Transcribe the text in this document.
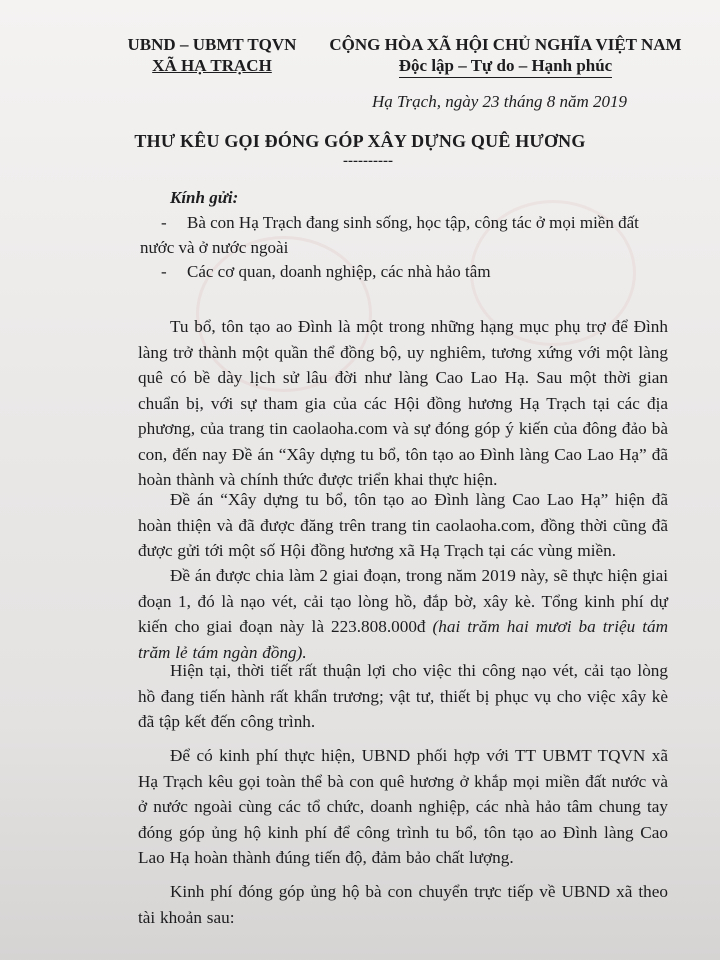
UBND – UBMT TQVN
XÃ HẠ TRẠCH
CỘNG HÒA XÃ HỘI CHỦ NGHĨA VIỆT NAM
Độc lập – Tự do – Hạnh phúc
Hạ Trạch, ngày 23 tháng 8 năm 2019
THƯ KÊU GỌI ĐÓNG GÓP XÂY DỰNG QUÊ HƯƠNG
----------
Kính gửi:
-	Bà con Hạ Trạch đang sinh sống, học tập, công tác ở mọi miền đất
nước và ở nước ngoài
-	Các cơ quan, doanh nghiệp, các nhà hảo tâm
Tu bổ, tôn tạo ao Đình là một trong những hạng mục phụ trợ để Đình làng trở thành một quần thể đồng bộ, uy nghiêm, tương xứng với một làng quê có bề dày lịch sử lâu đời như làng Cao Lao Hạ. Sau một thời gian chuẩn bị, với sự tham gia của các Hội đồng hương Hạ Trạch tại các địa phương, của trang tin caolaoha.com và sự đóng góp ý kiến của đông đảo bà con, đến nay Đề án “Xây dựng tu bổ, tôn tạo ao Đình làng Cao Lao Hạ” đã hoàn thành và chính thức được triển khai thực hiện.
Đề án “Xây dựng tu bổ, tôn tạo ao Đình làng Cao Lao Hạ” hiện đã hoàn thiện và đã được đăng trên trang tin caolaoha.com, đồng thời cũng đã được gửi tới một số Hội đồng hương xã Hạ Trạch tại các vùng miền.
Đề án được chia làm 2 giai đoạn, trong năm 2019 này, sẽ thực hiện giai đoạn 1, đó là nạo vét, cải tạo lòng hồ, đắp bờ, xây kè. Tổng kinh phí dự kiến cho giai đoạn này là 223.808.000đ (hai trăm hai mươi ba triệu tám trăm lẻ tám ngàn đồng).
Hiện tại, thời tiết rất thuận lợi cho việc thi công nạo vét, cải tạo lòng hồ đang tiến hành rất khẩn trương; vật tư, thiết bị phục vụ cho việc xây kè đã tập kết đến công trình.
Để có kinh phí thực hiện, UBND phối hợp với TT UBMT TQVN xã Hạ Trạch kêu gọi toàn thể bà con quê hương ở khắp mọi miền đất nước và ở nước ngoài cùng các tổ chức, doanh nghiệp, các nhà hảo tâm chung tay đóng góp ủng hộ kinh phí để công trình tu bổ, tôn tạo ao Đình làng Cao Lao Hạ hoàn thành đúng tiến độ, đảm bảo chất lượng.
Kinh phí đóng góp ủng hộ bà con chuyển trực tiếp về UBND xã theo tài khoản sau:
